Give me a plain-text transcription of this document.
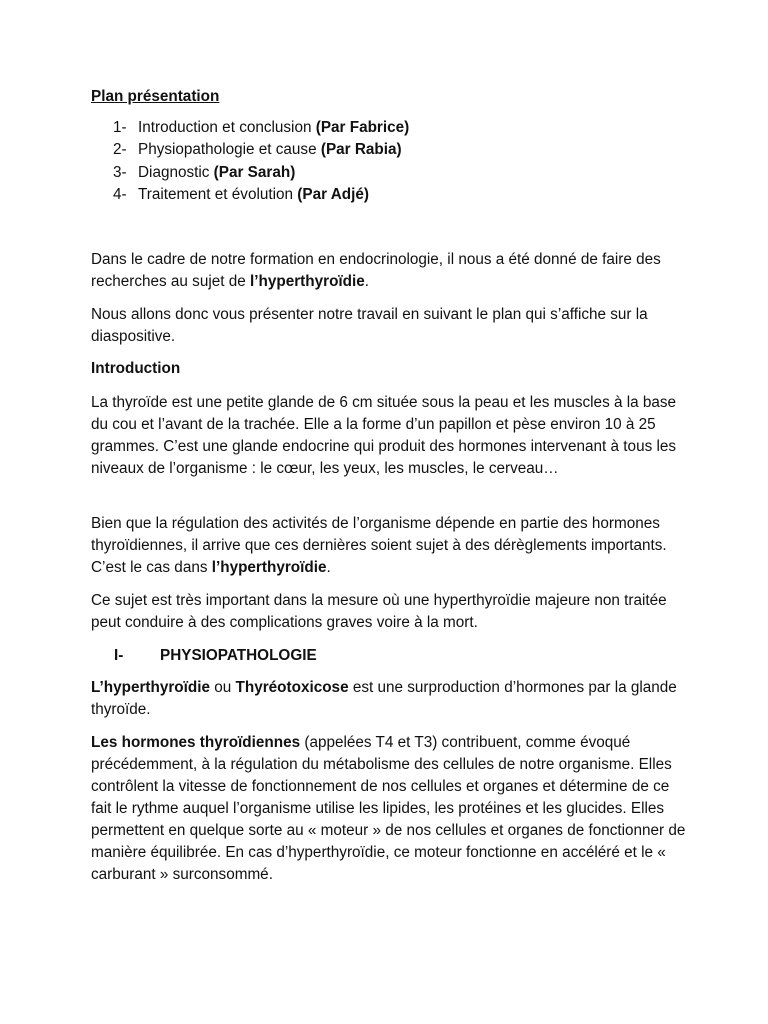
Plan présentation
1- Introduction et conclusion (Par Fabrice)
2- Physiopathologie et cause (Par Rabia)
3- Diagnostic (Par Sarah)
4- Traitement et évolution (Par Adjé)

Dans le cadre de notre formation en endocrinologie, il nous a été donné de faire des recherches au sujet de l’hyperthyroïdie.

Nous allons donc vous présenter notre travail en suivant le plan qui s’affiche sur la diaspositive.

Introduction

La thyroïde est une petite glande de 6 cm située sous la peau et les muscles à la base du cou et l’avant de la trachée. Elle a la forme d’un papillon et pèse environ 10 à 25 grammes. C’est une glande endocrine qui produit des hormones intervenant à tous les niveaux de l’organisme : le cœur, les yeux, les muscles, le cerveau…

Bien que la régulation des activités de l’organisme dépende en partie des hormones thyroïdiennes, il arrive que ces dernières soient sujet à des dérèglements importants. C’est le cas dans l’hyperthyroïdie.

Ce sujet est très important dans la mesure où une hyperthyroïdie majeure non traitée peut conduire à des complications graves voire à la mort.

I- PHYSIOPATHOLOGIE

L’hyperthyroïdie ou Thyréotoxicose est une surproduction d’hormones par la glande thyroïde.

Les hormones thyroïdiennes (appelées T4 et T3) contribuent, comme évoqué précédemment, à la régulation du métabolisme des cellules de notre organisme. Elles contrôlent la vitesse de fonctionnement de nos cellules et organes et détermine de ce fait le rythme auquel l’organisme utilise les lipides, les protéines et les glucides. Elles permettent en quelque sorte au « moteur » de nos cellules et organes de fonctionner de manière équilibrée. En cas d’hyperthyroïdie, ce moteur fonctionne en accéléré et le « carburant » surconsommé.
